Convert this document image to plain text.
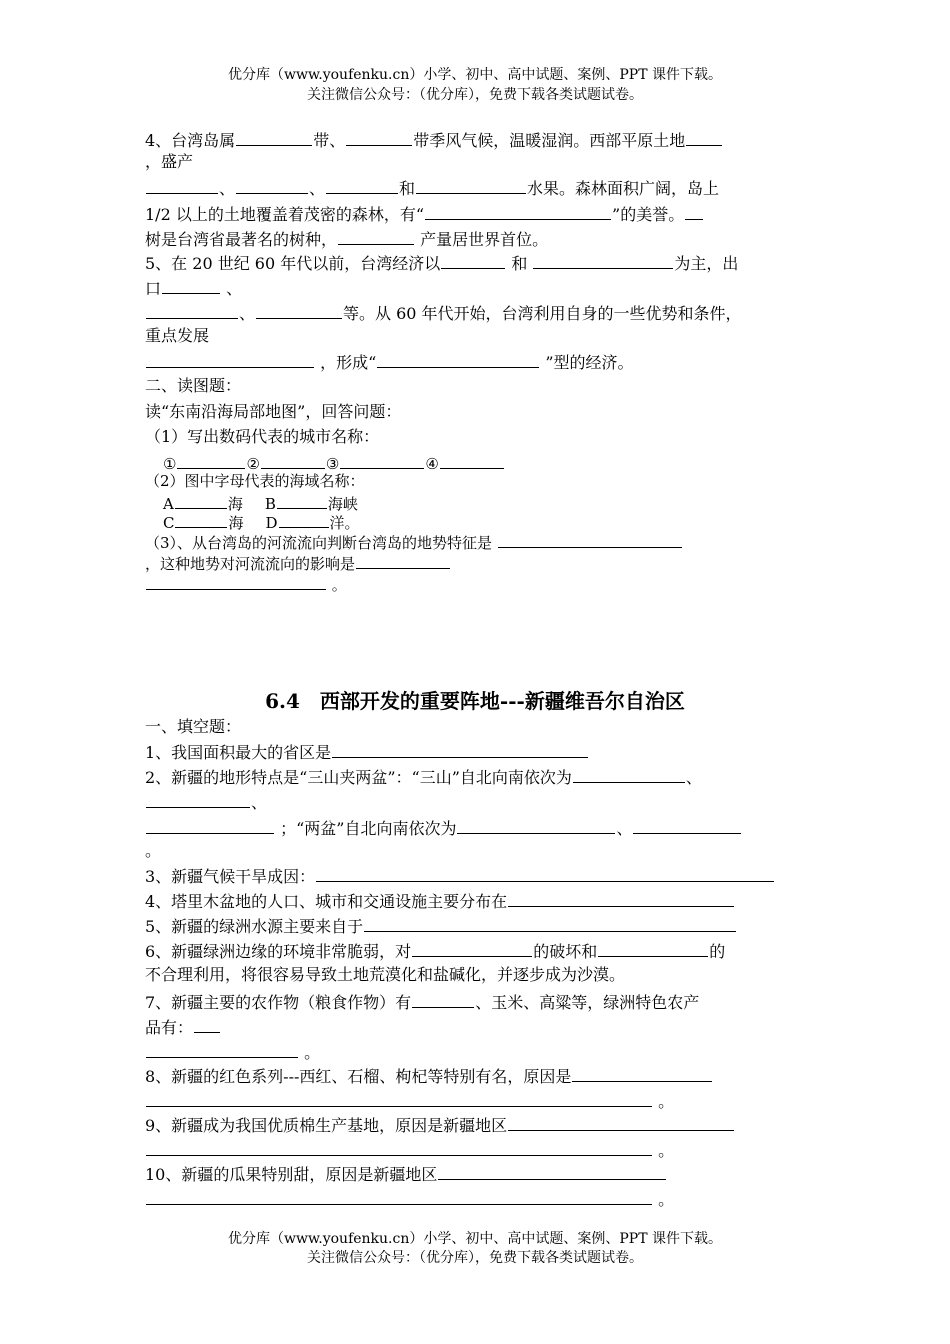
优分库（www.youfenku.cn）小学、初中、高中试题、案例、PPT 课件下载。
关注微信公众号：（优分库），免费下载各类试题试卷。
4、台湾岛属	带、	带季风气候，温暖湿润。西部平原土地
，盛产
、	、	和	水果。森林面积广阔，岛上
1/2 以上的土地覆盖着茂密的森林，有“	”的美誉。
树是台湾省最著名的树种，	产量居世界首位。
5、在 20 世纪 60 年代以前，台湾经济以	和	为主，出
口	、
、	等。从 60 年代开始，台湾利用自身的一些优势和条件，
重点发展
，形成“	”型的经济。
二、读图题：
读“东南沿海局部地图”，回答问题：
（1）写出数码代表的城市名称：
①	②	③	④
（2）图中字母代表的海域名称：
A	海 B	海峡
C	海 D	洋。
（3）、从台湾岛的河流流向判断台湾岛的地势特征是
，这种地势对河流流向的影响是
。
6.4　西部开发的重要阵地---新疆维吾尔自治区
一、填空题：
1、我国面积最大的省区是
2、新疆的地形特点是“三山夹两盆”：“三山”自北向南依次为	、
、
；“两盆”自北向南依次为	、
。
3、新疆气候干旱成因：
4、塔里木盆地的人口、城市和交通设施主要分布在
5、新疆的绿洲水源主要来自于
6、新疆绿洲边缘的环境非常脆弱，对	的破坏和	的
不合理利用，将很容易导致土地荒漠化和盐碱化，并逐步成为沙漠。
7、新疆主要的农作物（粮食作物）有	、玉米、高粱等，绿洲特色农产
品有：
。
8、新疆的红色系列---西红、石榴、枸杞等特别有名，原因是
。
9、新疆成为我国优质棉生产基地，原因是新疆地区
。
10、新疆的瓜果特别甜，原因是新疆地区
。
优分库（www.youfenku.cn）小学、初中、高中试题、案例、PPT 课件下载。
关注微信公众号：（优分库），免费下载各类试题试卷。
